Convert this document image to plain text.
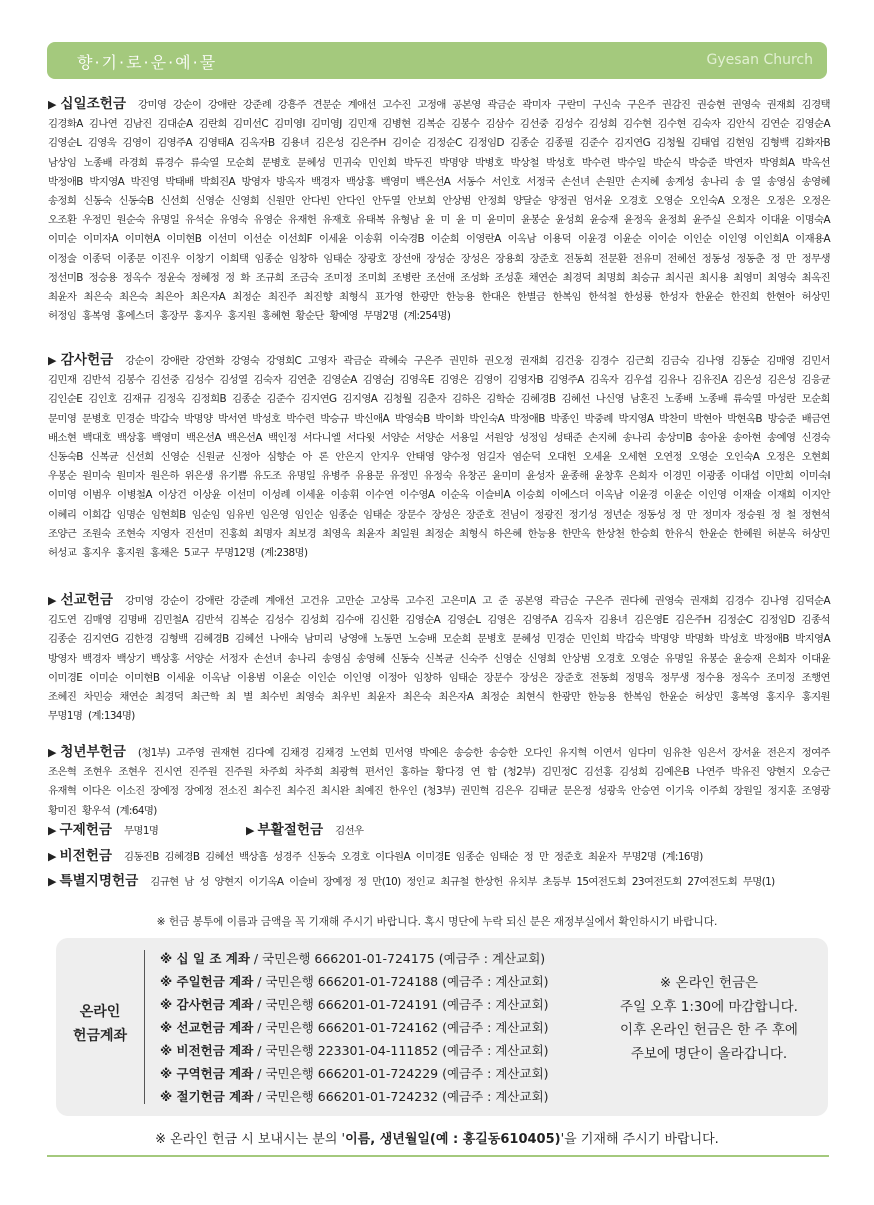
향·기·로·운·예·물	Gyesan Church
▶ 십일조헌금 강미영 강순이 강애란 강준례 강흥주 견문순 계애선 고수진 고정애 공본영 곽금순 곽미자 구란미 구신숙 구은주 권감진 권승현 권영숙 권재희 김경택 김경화A 김나연 김남진 김대순A 김란희 김미선C 김미영I 김미영J 김민재 김병현 김복순 김봉수 김삼수 김선중 김성수 김성희 김수현 김수현 김숙자 김안식 김연순 김영순A 김영순L 김영욱 김영이 김영주A 김영태A 김옥자B 김용녀 김은성 김은주H 김이순 김정순C 김정임D 김종순 김종필 김준수 김지연G 김청월 김태엽 김현임 김형백 김화자B 남상임 노종배 라경희 류경수 류숙열 모순희 문병호 문혜성 민귀숙 민인희 박두진 박명양 박병호 박상철 박성호 박수련 박수일 박순식 박승준 박연자 박영희A 박옥선 박정애B 박지영A 박진영 박태배 박희진A 방영자 방옥자 백경자 백상홍 백영미 백은선A 서동수 서인호 서정국 손선녀 손원만 손지혜 송계성 송나리 송 열 송영심 송영혜 송정희 신동숙 신동숙B 신선희 신영순 신영희 신원만 안다빈 안다인 안두열 안보희 안상범 안정희 양달순 양정권 엄서윤 오경호 오영순 오인숙A 오정은 오정은 오정은 오조환 우정민 원순숙 유명일 유석순 유영숙 유영순 유재헌 유재호 유태복 유형남 윤 미 윤 미 윤미미 윤봉순 윤성희 윤승재 윤정옥 윤정희 윤주실 은희자 이대윤 이명숙A 이미순 이미자A 이미현A 이미현B 이선미 이선순 이선희F 이세윤 이송휘 이숙경B 이순희 이영란A 이옥남 이용덕 이윤경 이윤순 이이순 이인순 이인영 이인희A 이재용A 이정술 이종덕 이종문 이진우 이창기 이희택 임종순 임창하 임태순 장광호 장선애 장성순 장성은 장용희 장준호 전동희 전문환 전유미 전혜선 정동성 정동춘 정 만 정무생 정선미B 정승용 정옥수 정윤숙 정혜정 정 화 조규희 조금숙 조미정 조미희 조병란 조선애 조성화 조성훈 채연순 최경덕 최명희 최승규 최시권 최시용 최영미 최영숙 최옥진 최윤자 최은숙 최은숙 최은아 최은자A 최정순 최진주 최진향 최형식 표가영 한광만 한능용 한대은 한별금 한복임 한석철 한성룡 한성자 한윤순 한진희 한현아 허상민 허정임 홍복영 홍에스더 홍장무 홍지우 홍지원 홍혜현 황순단 황예영 무명2명 (계:254명)
▶ 감사헌금 강순이 강애란 강연화 강영숙 강영희C 고영자 곽금순 곽혜숙 구은주 권민하 권오정 권재희 김건웅 김경수 김근희 김금숙 김나영 김동순 김매영 김민서 김민재 김반석 김봉수 김선중 김성수 김성열 김숙자 김연춘 김영순A 김영순J 김영옥E 김영은 김영이 김영자B 김영주A 김옥자 김우섭 김유나 김유진A 김은성 김은성 김응균 김인순E 김인호 김재규 김정옥 김정희B 김종순 김준수 김지연G 김지영A 김청월 김춘자 김하은 김학순 김혜경B 김혜선 나신영 남혼진 노종배 노종배 류숙열 마성란 모순희 문미영 문병호 민경순 박갑숙 박명양 박서연 박성호 박수련 박승규 박신애A 박영숙B 박이화 박인숙A 박정애B 박종인 박중례 박지영A 박찬미 박현아 박현옥B 방승준 배금연 배소현 백대호 백상홍 백영미 백은선A 백은선A 백인정 서다니엘 서다윗 서양순 서양순 서용일 서원앙 성정임 성태준 손지혜 송나리 송상미B 송아윤 송아현 송예영 신경숙 신동숙B 신복균 신선희 신영순 신원균 신정아 심향순 아 론 안은지 안지우 안태영 양수정 엄길자 염순덕 오대헌 오세윤 오세현 오연정 오영순 오인숙A 오정은 오현희 우봉순 원미숙 원미자 원은하 위은생 유기쁨 유도조 유명일 유병주 유용문 유정민 유정숙 유창곤 윤미미 윤성자 윤종해 윤창후 은희자 이경민 이광종 이대섭 이만희 이미숙I 이미영 이범우 이병철A 이상건 이상윤 이선미 이성례 이세윤 이송휘 이수연 이수영A 이순옥 이슬비A 이승희 이에스더 이옥남 이윤경 이윤순 이인영 이재술 이재희 이지안 이혜리 이희갑 임명순 임현희B 임순임 임유빈 임은영 임인순 임종순 임태순 장문수 장성은 장준호 전님이 정광진 정기성 정년순 정동성 정 만 정미자 정승원 정 철 정현석 조양근 조원숙 조현숙 지영자 진선미 진홍희 최명자 최보경 최영옥 최윤자 최일원 최정순 최형식 하은혜 한능용 한만옥 한상천 한승희 한유식 한윤순 한혜원 허분옥 허상민 허성교 홍지우 홍지원 홍채은 5교구 무명12명 (계:238명)
▶ 선교헌금 강미영 강순이 강애란 강준례 계애선 고건유 고만순 고상록 고수진 고은미A 고 준 공본영 곽금순 구은주 권다혜 권영숙 권재희 김경수 김나영 김덕순A 김도연 김매영 김명배 김민철A 김반석 김복순 김성수 김성희 김수애 김신환 김영순A 김영순L 김영은 김영주A 김옥자 김용녀 김은영E 김은주H 김정순C 김정임D 김종석 김종순 김지연G 김한경 김형백 김혜경B 김혜선 나애숙 남미리 낭영애 노동면 노승배 모순희 문병호 문혜성 민경순 민인희 박갑숙 박명양 박명화 박성호 박정애B 박지영A 방영자 백경자 백상기 백상홍 서양순 서정자 손선녀 송나리 송영심 송영혜 신동숙 신복균 신숙주 신영순 신영희 안상범 오경호 오영순 유명일 유봉순 윤승재 은희자 이대윤 이미경E 이미순 이미현B 이세윤 이옥남 이용범 이윤순 이인순 이인영 이정아 임창하 임태순 장문수 장성은 장준호 전동희 정명옥 정무생 정수용 정옥수 조미정 조행연 조혜진 차민승 채연순 최경덕 최근학 최 별 최수빈 최영숙 최우빈 최윤자 최은숙 최은자A 최정순 최현식 한광만 한능용 한복임 한윤순 허상민 홍복영 홍지우 홍지원 무명1명 (계:134명)
▶ 청년부헌금 (청1부) 고주영 권재현 김다예 김채경 김채경 노연희 민서영 박예은 송승한 송승한 오다인 유지혁 이연서 임다미 임유찬 임은서 장서윤 전은지 정여주 조은혁 조현우 조현우 진시연 진주원 진주원 차주희 차주희 최광혁 편서인 홍하늘 황다경 연 합 (청2부) 김민정C 김선홍 김성희 김예은B 나연주 박유진 양현지 오승근 유재혁 이다은 이소진 장예정 장예정 전소진 최수진 최수진 최시완 최예진 한우인 (청3부) 권민혁 김은우 김태균 문은정 성광욱 안승연 이기욱 이주희 장원일 정지훈 조영광 황미진 황우석 (계:64명)
▶ 구제헌금 무명1명	▶ 부활절헌금 김선우
▶ 비전헌금 김동진B 김혜경B 김혜선 백상흠 성경주 신동숙 오경호 이다원A 이미경E 임종순 임태순 정 만 정준호 최윤자 무명2명 (계:16명)
▶ 특별지명헌금 김규현 남 성 양현지 이기옥A 이슬비 장예정 정 만(10) 정인교 최규철 한상헌 유치부 초등부 15여전도회 23여전도회 27여전도회 무명(1)
※ 헌금 봉투에 이름과 금액을 꼭 기재해 주시기 바랍니다. 혹시 명단에 누락 되신 분은 재정부실에서 확인하시기 바랍니다.
온라인
헌금계좌
※ 십 일 조 계좌 / 국민은행 666201-01-724175 (예금주 : 계산교회)
※ 주일헌금 계좌 / 국민은행 666201-01-724188 (예금주 : 계산교회)
※ 감사헌금 계좌 / 국민은행 666201-01-724191 (예금주 : 계산교회)
※ 선교헌금 계좌 / 국민은행 666201-01-724162 (예금주 : 계산교회)
※ 비전헌금 계좌 / 국민은행 223301-04-111852 (예금주 : 계산교회)
※ 구역헌금 계좌 / 국민은행 666201-01-724229 (예금주 : 계산교회)
※ 절기헌금 계좌 / 국민은행 666201-01-724232 (예금주 : 계산교회)
※ 온라인 헌금은
주일 오후 1:30에 마감합니다.
이후 온라인 헌금은 한 주 후에
주보에 명단이 올라갑니다.
※ 온라인 헌금 시 보내시는 분의 '이름, 생년월일(예 : 홍길동610405)'을 기재해 주시기 바랍니다.
